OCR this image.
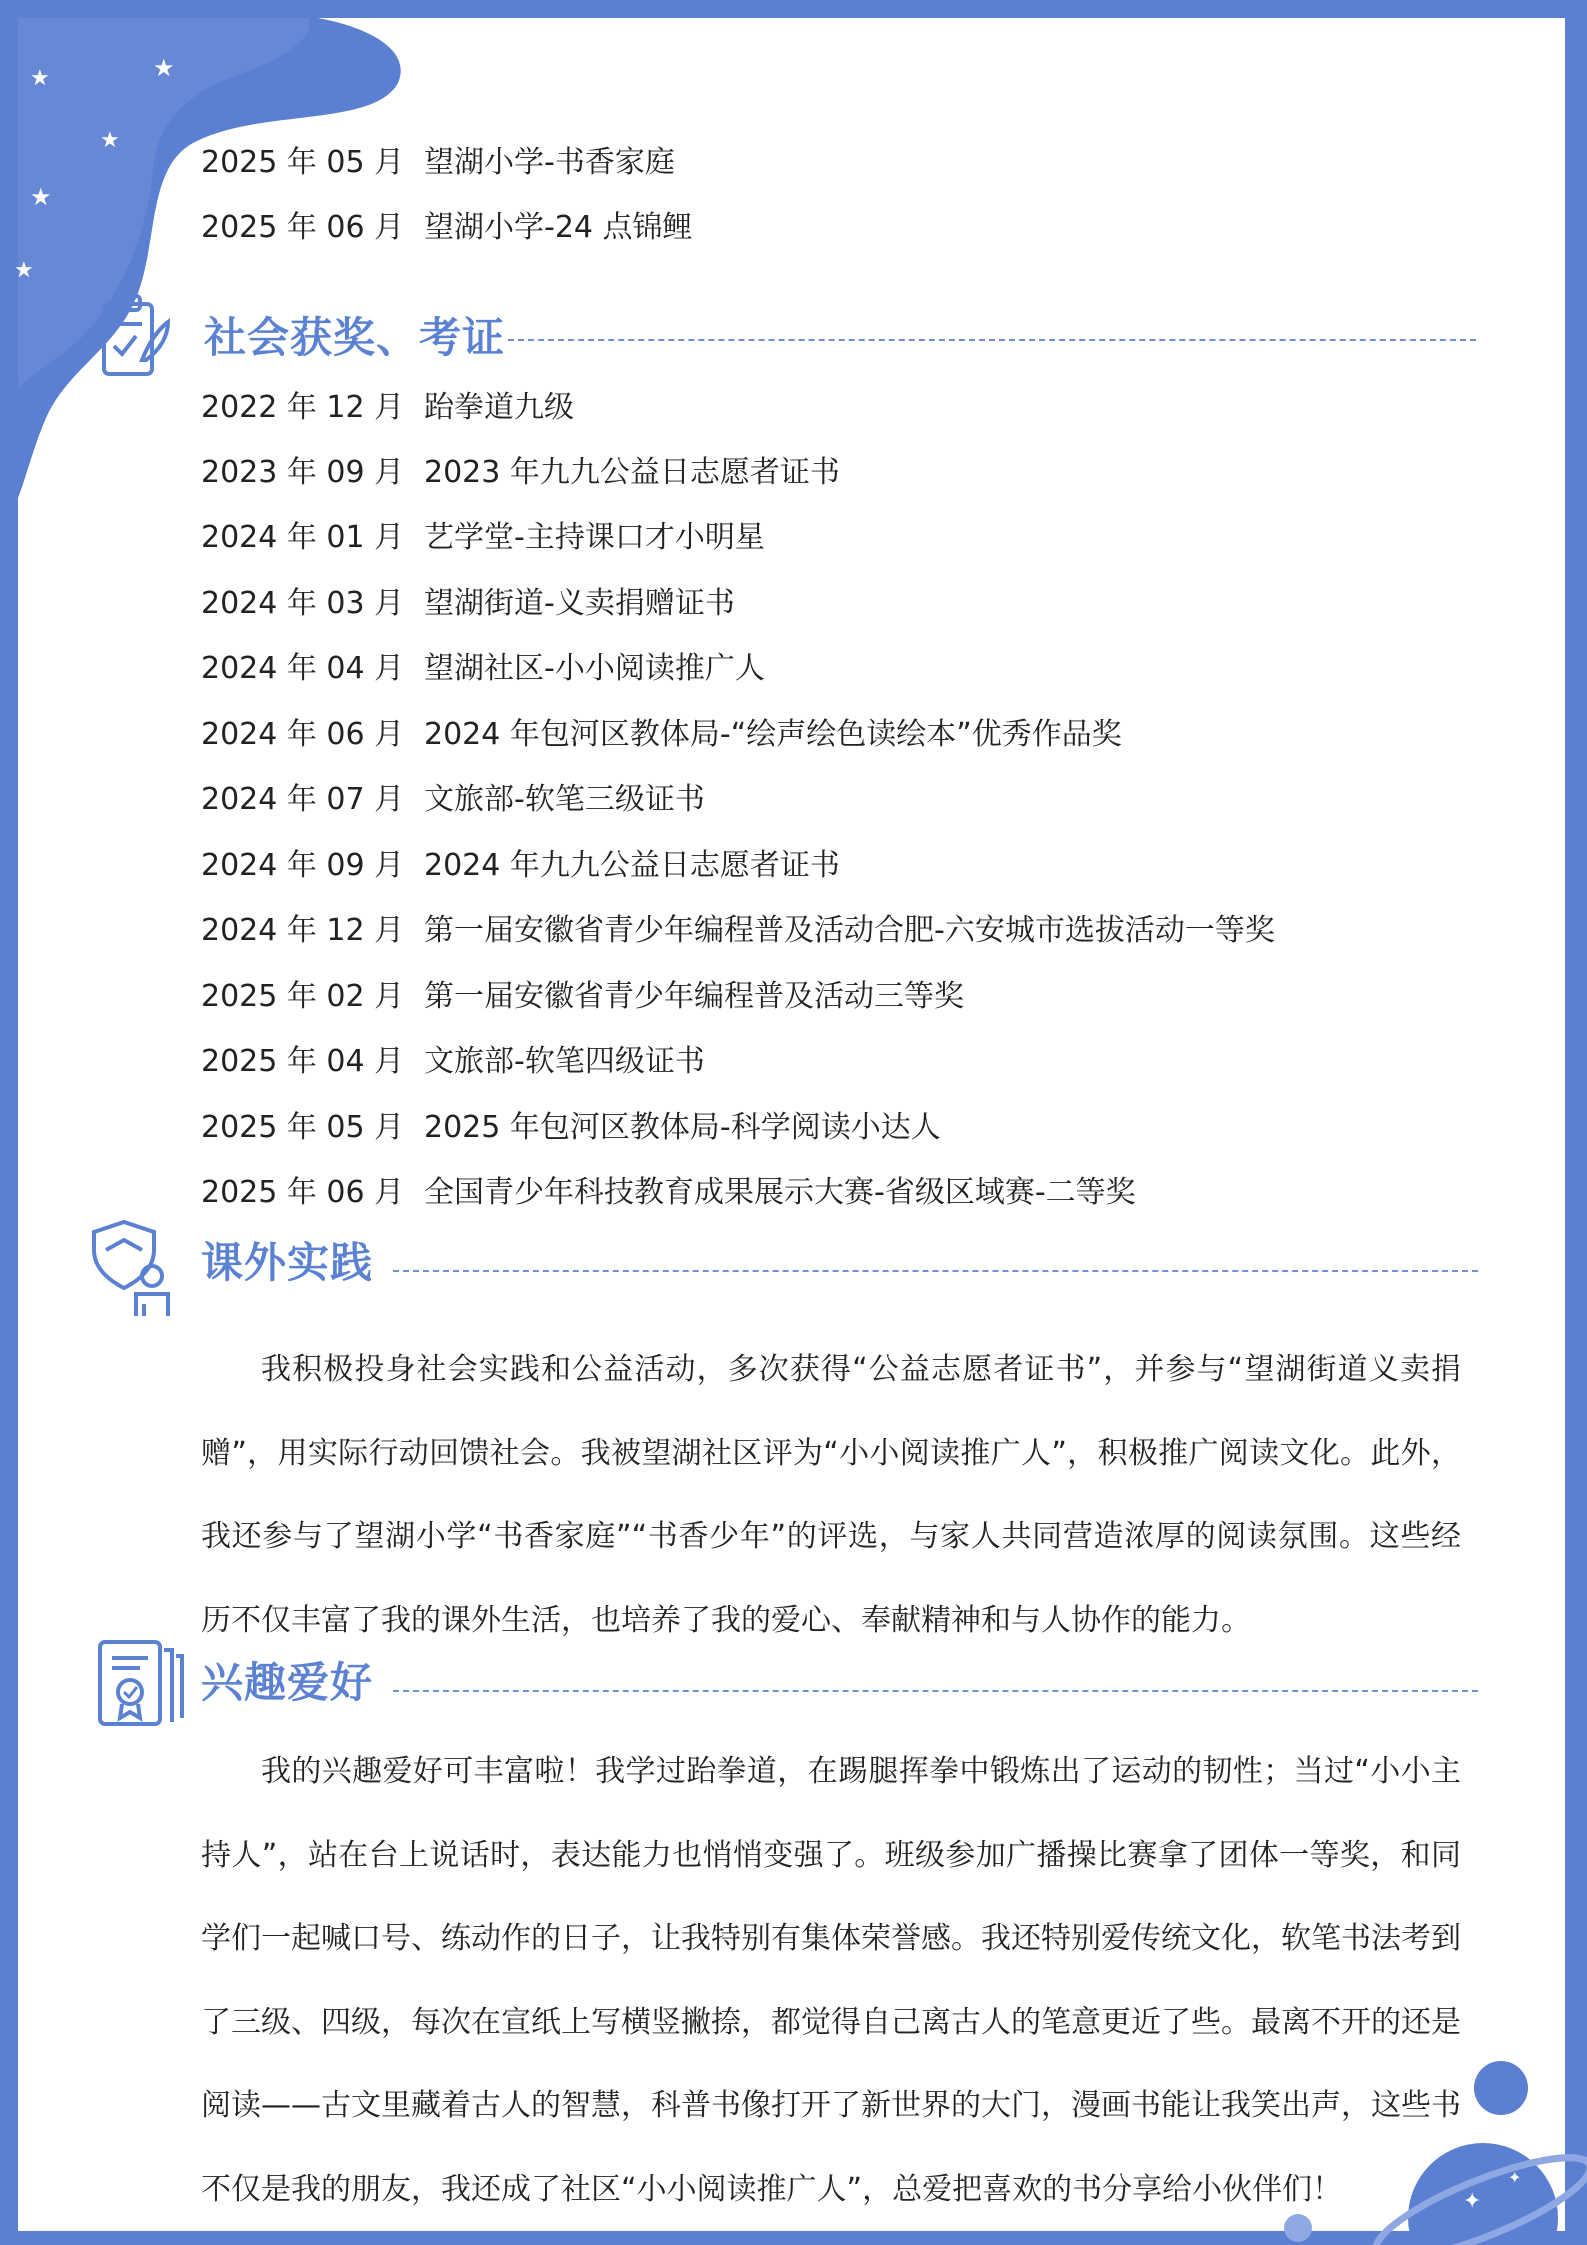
★	★
★
★
★
✦
✦
2025 年 05 月 望湖小学-书香家庭
2025 年 06 月 望湖小学-24 点锦鲤
社会获奖、考证
2022 年 12 月 跆拳道九级
2023 年 09 月 2023 年九九公益日志愿者证书
2024 年 01 月 艺学堂-主持课口才小明星
2024 年 03 月 望湖街道-义卖捐赠证书
2024 年 04 月 望湖社区-小小阅读推广人
2024 年 06 月 2024 年包河区教体局-“绘声绘色读绘本”优秀作品奖
2024 年 07 月 文旅部-软笔三级证书
2024 年 09 月 2024 年九九公益日志愿者证书
2024 年 12 月 第一届安徽省青少年编程普及活动合肥-六安城市选拔活动一等奖
2025 年 02 月 第一届安徽省青少年编程普及活动三等奖
2025 年 04 月 文旅部-软笔四级证书
2025 年 05 月 2025 年包河区教体局-科学阅读小达人
2025 年 06 月 全国青少年科技教育成果展示大赛-省级区域赛-二等奖
课外实践
我积极投身社会实践和公益活动，多次获得“公益志愿者证书”，并参与“望湖街道义卖捐赠”，用实际行动回馈社会。我被望湖社区评为“小小阅读推广人”，积极推广阅读文化。此外，我还参与了望湖小学“书香家庭”“书香少年”的评选，与家人共同营造浓厚的阅读氛围。这些经历不仅丰富了我的课外生活，也培养了我的爱心、奉献精神和与人协作的能力。
兴趣爱好
我的兴趣爱好可丰富啦！我学过跆拳道，在踢腿挥拳中锻炼出了运动的韧性；当过“小小主持人”，站在台上说话时，表达能力也悄悄变强了。班级参加广播操比赛拿了团体一等奖，和同学们一起喊口号、练动作的日子，让我特别有集体荣誉感。我还特别爱传统文化，软笔书法考到了三级、四级，每次在宣纸上写横竖撇捺，都觉得自己离古人的笔意更近了些。最离不开的还是阅读——古文里藏着古人的智慧，科普书像打开了新世界的大门，漫画书能让我笑出声，这些书不仅是我的朋友，我还成了社区“小小阅读推广人”，总爱把喜欢的书分享给小伙伴们！
